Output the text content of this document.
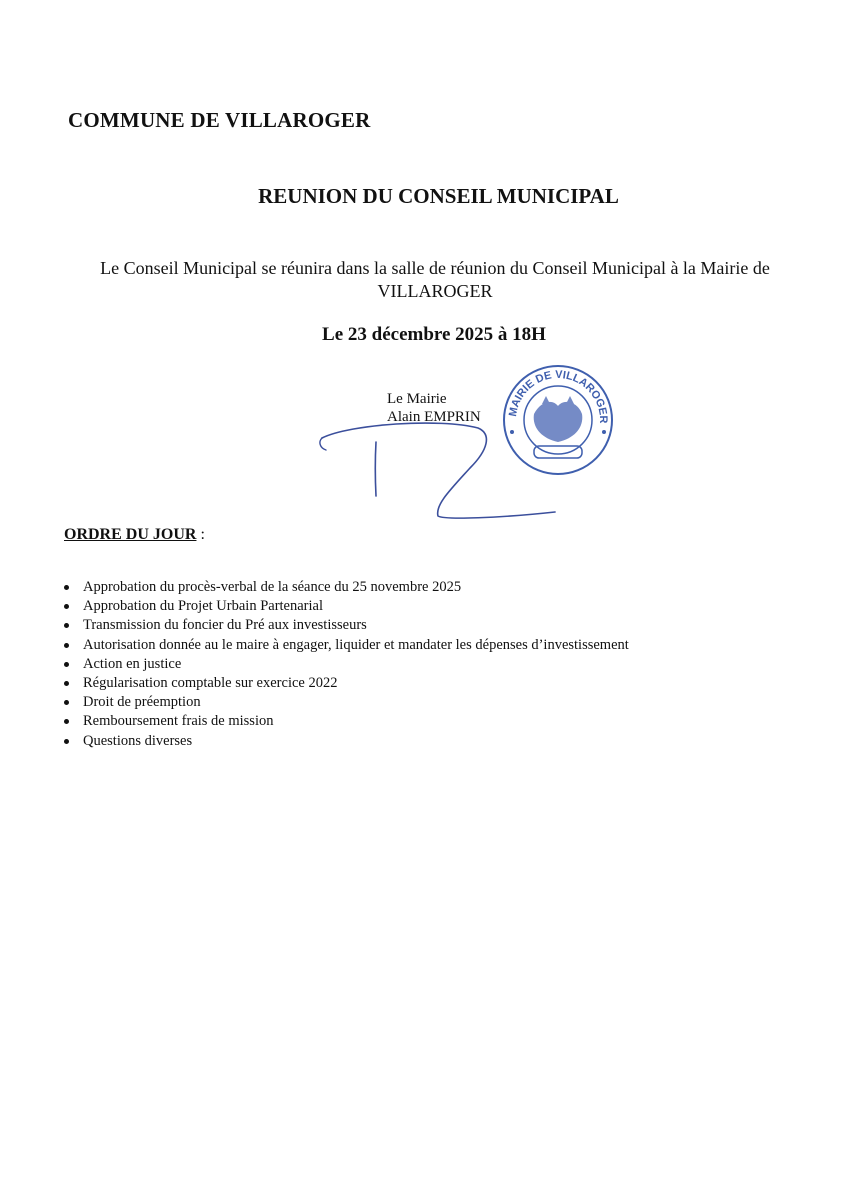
COMMUNE DE VILLAROGER
REUNION DU CONSEIL MUNICIPAL
Le Conseil Municipal se réunira dans la salle de réunion du Conseil Municipal à la Mairie de
VILLAROGER
Le 23 décembre 2025 à 18H
Le Mairie
Alain EMPRIN MAIRIE DE VILLAROGER
ORDRE DU JOUR :
Approbation du procès-verbal de la séance du 25 novembre 2025
Approbation du Projet Urbain Partenarial
Transmission du foncier du Pré aux investisseurs
Autorisation donnée au le maire à engager, liquider et mandater les dépenses d’investissement
Action en justice
Régularisation comptable sur exercice 2022
Droit de préemption
Remboursement frais de mission
Questions diverses
